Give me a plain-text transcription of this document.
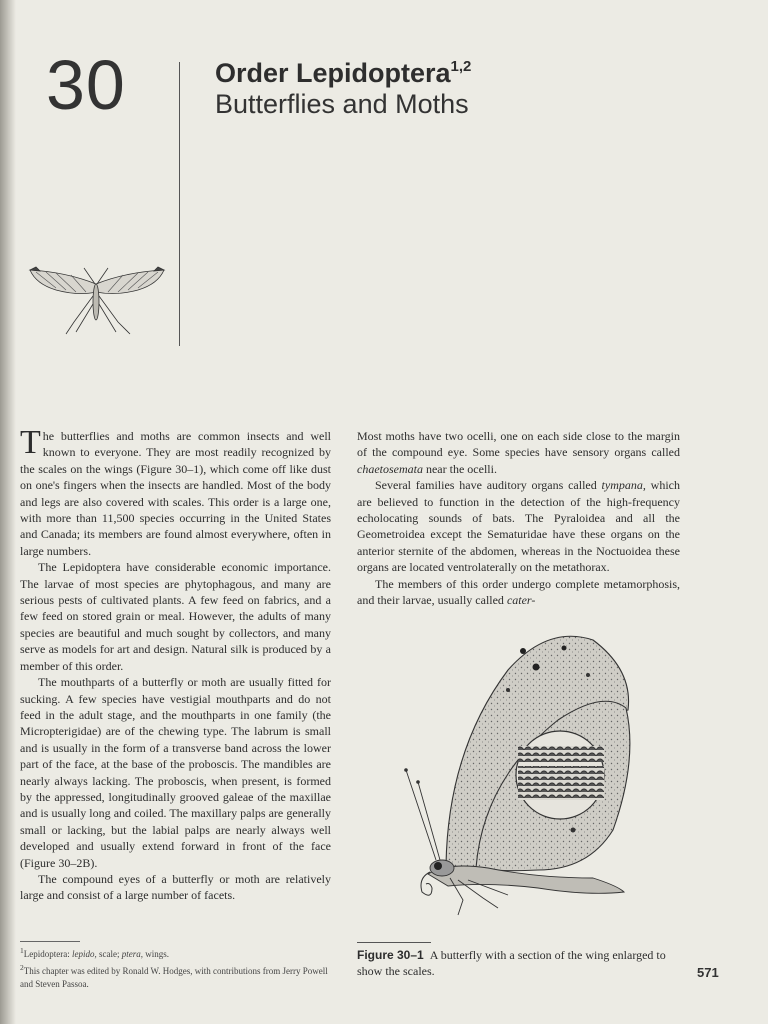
30	Order Lepidoptera$^{1,2}$
Butterflies and Moths

The butterflies and moths are common insects and well known to everyone. They are most readily recognized by the scales on the wings (Figure 30–1), which come off like dust on one's fingers when the insects are handled. Most of the body and legs are also covered with scales. This order is a large one, with more than 11,500 species occurring in the United States and Canada; its members are found almost everywhere, often in large numbers.

The Lepidoptera have considerable economic importance. The larvae of most species are phytophagous, and many are serious pests of cultivated plants. A few feed on fabrics, and a few feed on stored grain or meal. However, the adults of many species are beautiful and much sought by collectors, and many serve as models for art and design. Natural silk is produced by a member of this order.

The mouthparts of a butterfly or moth are usually fitted for sucking. A few species have vestigial mouthparts and do not feed in the adult stage, and the mouthparts in one family (the Micropterigidae) are of the chewing type. The labrum is small and is usually in the form of a transverse band across the lower part of the face, at the base of the proboscis. The mandibles are nearly always lacking. The proboscis, when present, is formed by the appressed, longitudinally grooved galeae of the maxillae and is usually long and coiled. The maxillary palps are generally small or lacking, but the labial palps are nearly always well developed and usually extend forward in front of the face (Figure 30–2B).

The compound eyes of a butterfly or moth are relatively large and consist of a large number of facets.

Most moths have two ocelli, one on each side close to the margin of the compound eye. Some species have sensory organs called chaetosemata near the ocelli.

Several families have auditory organs called tympana, which are believed to function in the detection of the high-frequency echolocating sounds of bats. The Pyraloidea and all the Geometroidea except the Sematuridae have these organs on the anterior sternite of the abdomen, whereas in the Noctuoidea these organs are located ventrolaterally on the metathorax.

The members of this order undergo complete metamorphosis, and their larvae, usually called cater-

$^1$Lepidoptera: lepido, scale; ptera, wings.

$^2$This chapter was edited by Ronald W. Hodges, with contributions from Jerry Powell and Steven Passoa.

Figure 30–1 A butterfly with a section of the wing enlarged to show the scales.	571
